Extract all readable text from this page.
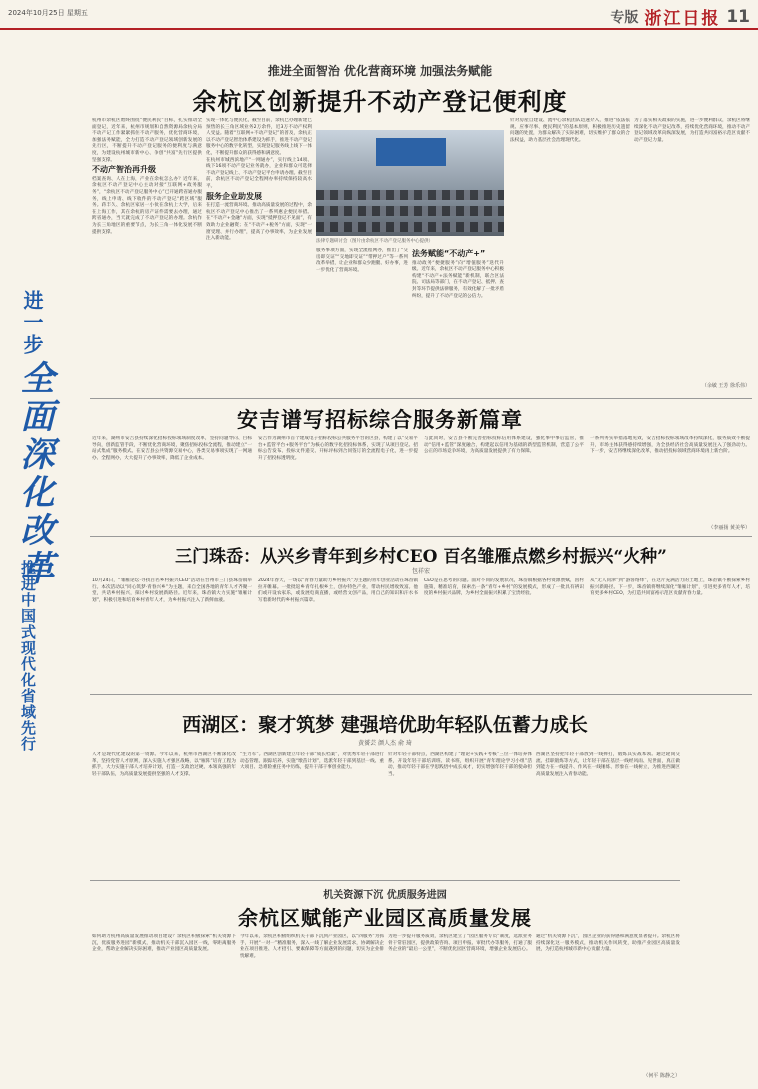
2024年10月25日 星期五	专版 浙江日报 11
进一步
全面深化改革
推进中国式现代化省域先行
推进全面智治 优化营商环境 加强法务赋能
余杭区创新提升不动产登记便利度

杭州市余杭区始终围绕“便民利民”目标，扎实推动全面登记，近年来，杭州市规划和自然资源局余杭分局不动产记工作紧紧抓住不动产服务，优化营商环境，加强法务赋能，全力打造不动产登记领域创新发展的先行区，不断提升不动产登记服务的便利度与满意度，为建设杭州城市新中心、争创“共富”先行区提供坚强支撑。

不动产智治再升级

档案查询、人在上海，产业在余杭怎么办？近年来，余杭区不动产登记中心主动对接“互联网+政务服务”，“余杭区不动产登记服务中心”已开通跨省通办服务，线上申请、线下收件的不动产登记“跨区域”服务。蒋丰久、余杭区家居一小伙在余杭上大学，后来在上海工作，其在余杭的房产证件需要去办理，通过跨省通办，当天就完成了不动产登记的办理。余杭作为长三角地区的重要节点，为长三角一体化发展不断提供支撑。

实现一体化与便民化，截至目前，余杭已办理新建已预售的长三角区域业务2万余件，近3万不动产权利人受益。随着“互联网+不动产登记”的普及，余杭正以不动产登记智治体系建设为抓手，推进不动产登记服务中心的数字化转型，实现登记服务线上线下一体化，不断提升群众的获得感和满意度。

在杭州市城西滨地产“一网通办”，实行线上14项、线下16项不动产登记业务就办，企业和群众可选择不动产登记线上、不动产登记平台申请办理。截至目前，余杭区不动产登记全程网办率持续保持较高水平。

服务企业助发展

在打造一流营商环境、推动高质量发展的过程中，余杭区不动产登记中心推出了一系列惠企便民举措。在“不动产+金融”方面，实现“抵押登记不见面”，有效助力企业融资；在“不动产+税务”方面，实现“一窗受理、并行办理”，提高了办事效率，为企业发展注入新动能。

法律专题研讨会（图片由余杭区不动产登记服务中心提供）

服务事项方面，实现全流程网办，推出了“交房即交证”“交地即交证”“带押过户”等一系列改革举措，让企业和群众少跑腿、好办事，进一步优化了营商环境。

法务赋能“不动产+”

推动政务“便捷服务”向“增值服务”迭代升级。近年来，余杭区不动产登记服务中心积极构建“不动产+法务赋能”新机制，联合区法院、司法局等部门，在不动产登记、抵押、查封等环节提供法律服务，有效化解了一批矛盾纠纷，提升了不动产登记的公信力。

针对房屋自建设、流中心余杭团队迅速介入，推进“依法依规、应事尽事、便民利民”的基本原则，积极推进历史遗留问题的处置，为群众解决了实际困难，切实维护了群众的合法权益，助力基层社会治理现代化。

为了落实相关政策的实施，进一步便利群众，余杭区将继续深化不动产登记改革，持续优化营商环境，推动不动产登记领域改革向纵深发展，为打造共同富裕示范区贡献不动产登记力量。

（余敏 王芳 徐乐伟）
安吉谱写招标综合服务新篇章

近年来，湖州市安吉县持续深化招标投标领域制度改革，坚持问题导向、目标导向，创新监管手段，不断优化营商环境，聚焦招标投标全流程，推动建立“一站式集成”服务模式。在安吉县公共资源交易中心，各类交易事项实现了一网通办、全程网办，大大提升了办事效率，降低了企业成本。

安吉作为湖州市首个建成电子招标投标公共服务平台的区县，构建了以“交易平台+监管平台+服务平台”为核心的数字化招投标体系，实现了从项目登记、招标公告发布、投标文件递交、开标评标到合同签订的全流程电子化，进一步提升了招投标透明度。

与此同时，安吉县不断完善招标投标信用体系建设，强化事中事后监管，推动“信用+监管”深度融合，构建起以信用为基础的新型监管机制，营造了公平公正的市场竞争环境，为高质量发展提供了有力保障。

一系列务实举措落地见效，安吉招标投标领域改革持续深化，服务质效不断提升，市场主体获得感持续增强，为全县经济社会高质量发展注入了强劲动力。下一步，安吉将继续深化改革，推动招投标领域营商环境再上新台阶。

（李丽扬 黄美华）
三门珠岙：从兴乡青年到乡村CEO 百名雏雁点燃乡村振兴“火种”
包祥宏

10月24日，“雏雁论坛·寻找百名乡村振兴CEO”活动在台州市三门县珠岙镇举行。本次活动以“同心筑梦·青春兴乡”为主题，来自全国各地的青年人才齐聚一堂，共话乡村振兴，探讨乡村发展新路径。近年来，珠岙镇大力实施“雏雁计划”，积极引进和培育乡村青年人才，为乡村振兴注入了新鲜血液。

2024年春天，一场以“青春力量助力乡村振兴”为主题的青年创业活动在珠岙镇拉开帷幕。一批批返乡青年扎根乡土，创办特色产业，带动村民增收致富。他们或开设农家乐，或发展电商直播，或经营文创产品，用自己的知识和汗水书写着新时代的乡村振兴篇章。

CEO是在思考的问题。面对不同的发展状况，珠岙镇根据各村资源禀赋，因村施策，精准培育，探索出一条“青年+乡村”的发展模式，形成了一批具有辨识度的乡村振兴品牌，为乡村全面振兴积累了宝贵经验。

从“无人问津”到“游客络绎”，在这片充满活力的土地上，珠岙镇不断探索乡村振兴新路径。下一步，珠岙镇将继续深化“雏雁计划”，引进更多青年人才，培育更多乡村CEO，为打造共同富裕示范区贡献青春力量。

西湖区：聚才筑梦 建强培优助年轻队伍蓄力成长
黄赟芸 颜人杰 俞 琦

人才是现代化建设的第一资源。今年以来，杭州市西湖区不断深化改革，坚持党管人才原则，深入实施人才强区战略，以“雁阵”培育工程为抓手，大力实施干部人才培养计划，打造一支政治过硬、本领高强的年轻干部队伍，为高质量发展提供坚强的人才支撑。

“生力军”。西湖区创新建立年轻干部“成长档案”，对优秀年轻干部进行动态管理、跟踪培养，实施“墩苗计划”，选派年轻干部到基层一线、重大项目、急难险重任务中历练，提升干部干事创业能力。

针对年轻干部特点，西湖区构建了“理论+实践+考核”三位一体培养体系，开设年轻干部培训班、读书班，组织开展“青年理论学习小组”活动，推动年轻干部在学思践悟中成长成才，切实增强年轻干部的使命担当。

西湖区坚持把年轻干部放到一线摔打，锻炼其实战本领。通过轮岗交流、挂职锻炼等方式，让年轻干部在基层一线经风雨、见世面，真正做到能力在一线提升、作风在一线锤炼、形象在一线树立，为推进西湖区高质量发展注入青春动能。

机关资源下沉 优质服务进园
余杭区赋能产业园区高质量发展

如何助力杭州高质量发展推动项目建设？余杭区积极探索“机关资源下沉，优质服务进园”新模式，推动机关干部沉入园区一线，零距离服务企业，帮助企业解决实际困难，推动产业园区高质量发展。

今年以来，余杭区积极组织机关干部下沉到产业园区，以“四服务”为抓手，开展“一对一”精准服务，深入一线了解企业发展需求，协调解决企业在项目推进、人才招引、要素保障等方面遇到的问题，切实为企业排忧解难。

为进一步提升服务质效，余杭区建立了“园区服务专员”制度，选派业务骨干常驻园区，提供政策咨询、项目申报、审批代办等服务，打通了服务企业的“最后一公里”，不断优化园区营商环境，增强企业发展信心。

通过“机关资源下沉”，园区企业的获得感和满意度显著提升。余杭区将持续深化这一服务模式，推动机关作风转变，助推产业园区高质量发展，为打造杭州城市新中心贡献力量。

（何平 陈静之）
